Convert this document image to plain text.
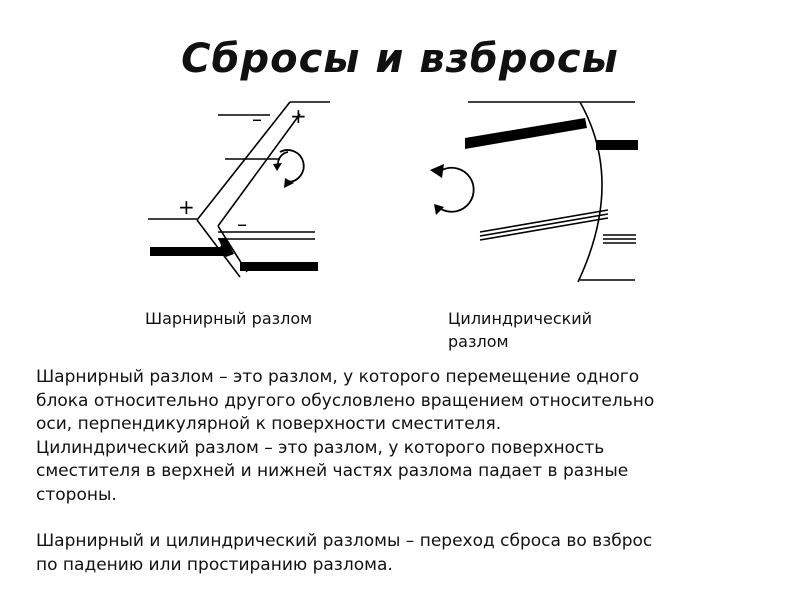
Сбросы и взбросы
– +
+
–
Шарнирный разлом	Цилиндрический
разлом
Шарнирный разлом – это разлом, у которого перемещение одного
блока относительно другого обусловлено вращением относительно
оси, перпендикулярной к поверхности сместителя.
Цилиндрический разлом – это разлом, у которого поверхность
сместителя в верхней и нижней частях разлома падает в разные
стороны.
Шарнирный и цилиндрический разломы – переход сброса во взброс
по падению или простиранию разлома.
